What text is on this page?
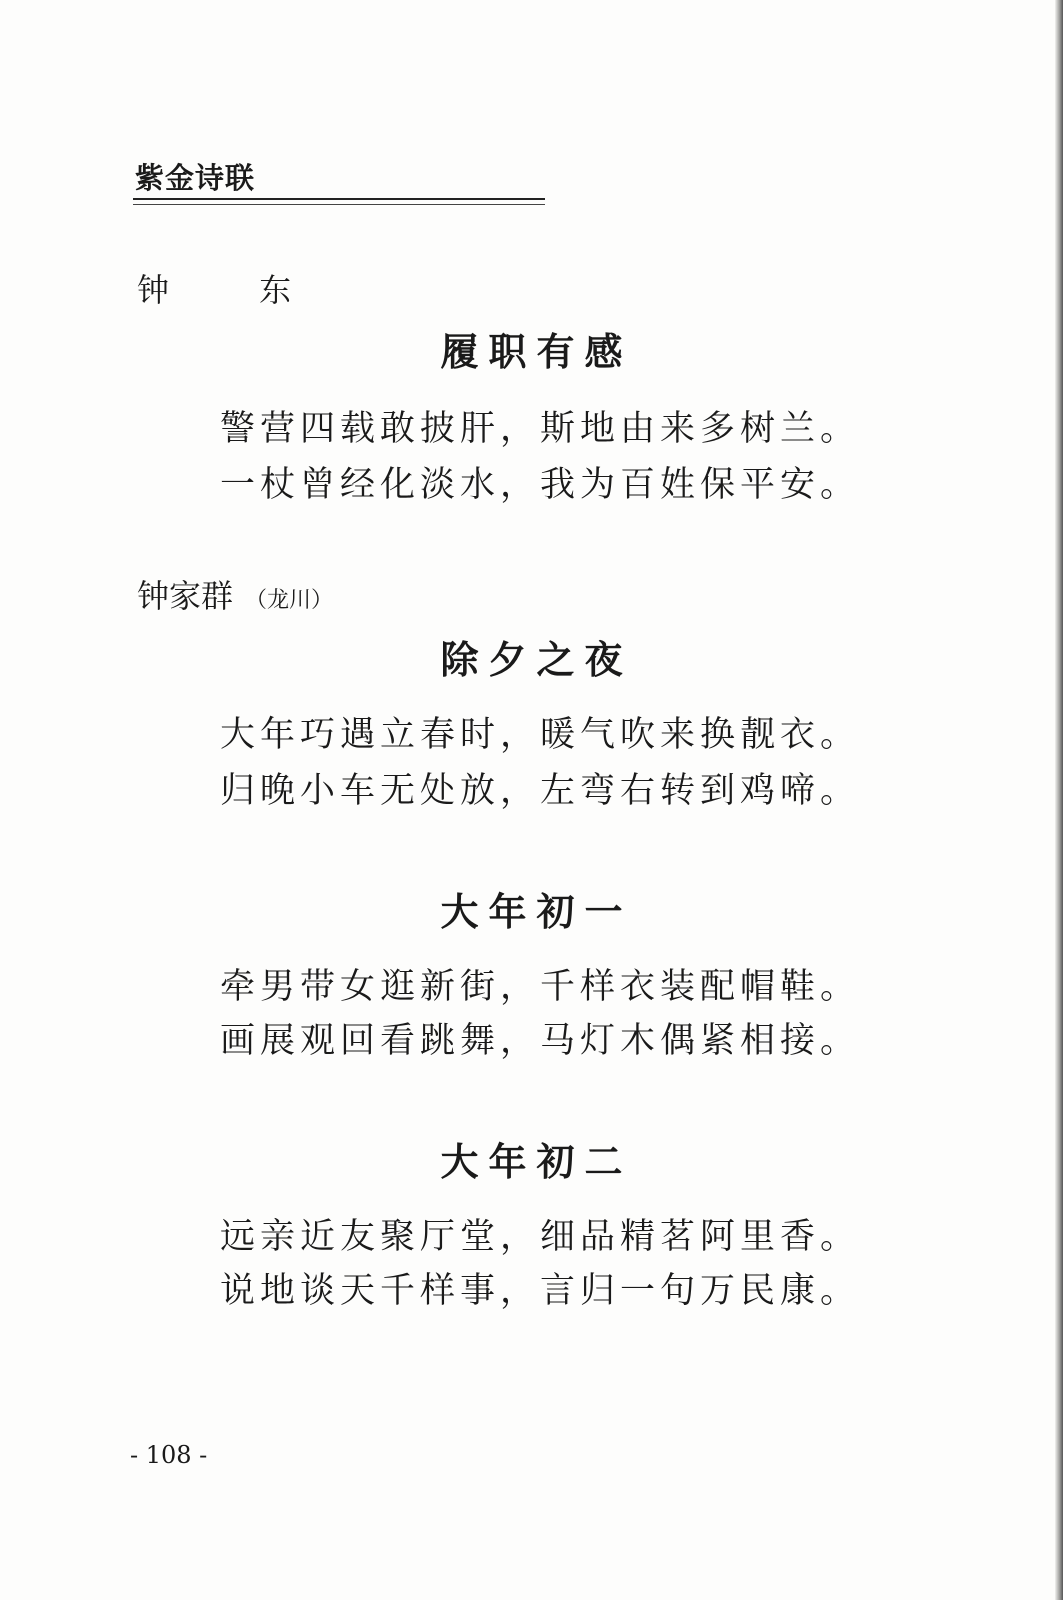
紫金诗联
钟 东
履职有感
警营四载敢披肝，斯地由来多树兰。
一杖曾经化淡水，我为百姓保平安。
钟家群 （龙川）
除夕之夜
大年巧遇立春时，暖气吹来换靓衣。
归晚小车无处放，左弯右转到鸡啼。
大年初一
牵男带女逛新街，千样衣装配帽鞋。
画展观回看跳舞，马灯木偶紧相接。
大年初二
远亲近友聚厅堂，细品精茗阿里香。
说地谈天千样事，言归一句万民康。
- 108 -
